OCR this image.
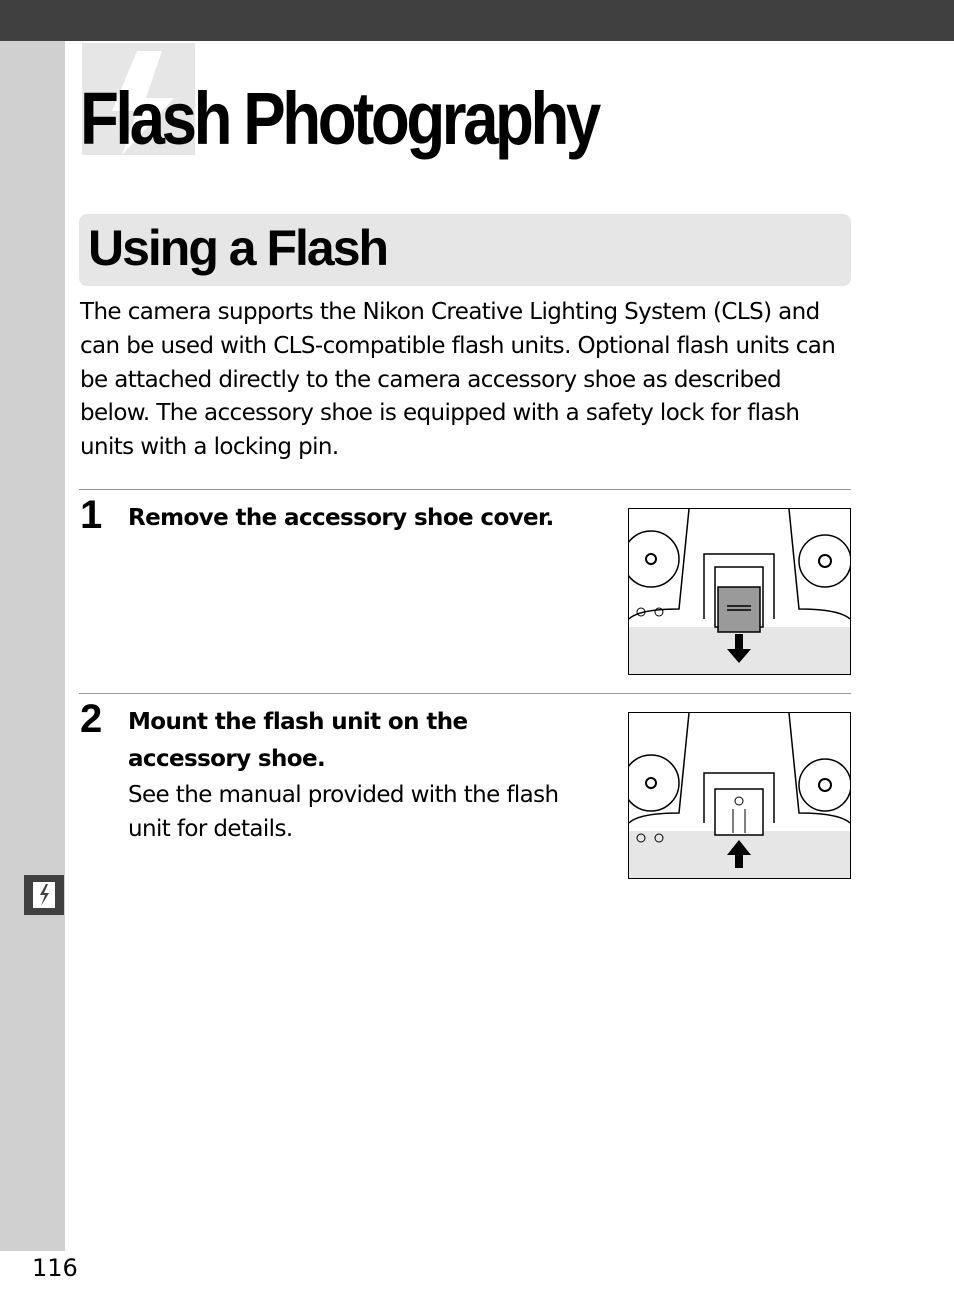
Flash Photography
Using a Flash

The camera supports the Nikon Creative Lighting System (CLS) and can be used with CLS-compatible flash units. Optional flash units can be attached directly to the camera accessory shoe as described below. The accessory shoe is equipped with a safety lock for flash units with a locking pin.

1 Remove the accessory shoe cover.
2 Mount the flash unit on the accessory shoe.
See the manual provided with the flash unit for details.
116
